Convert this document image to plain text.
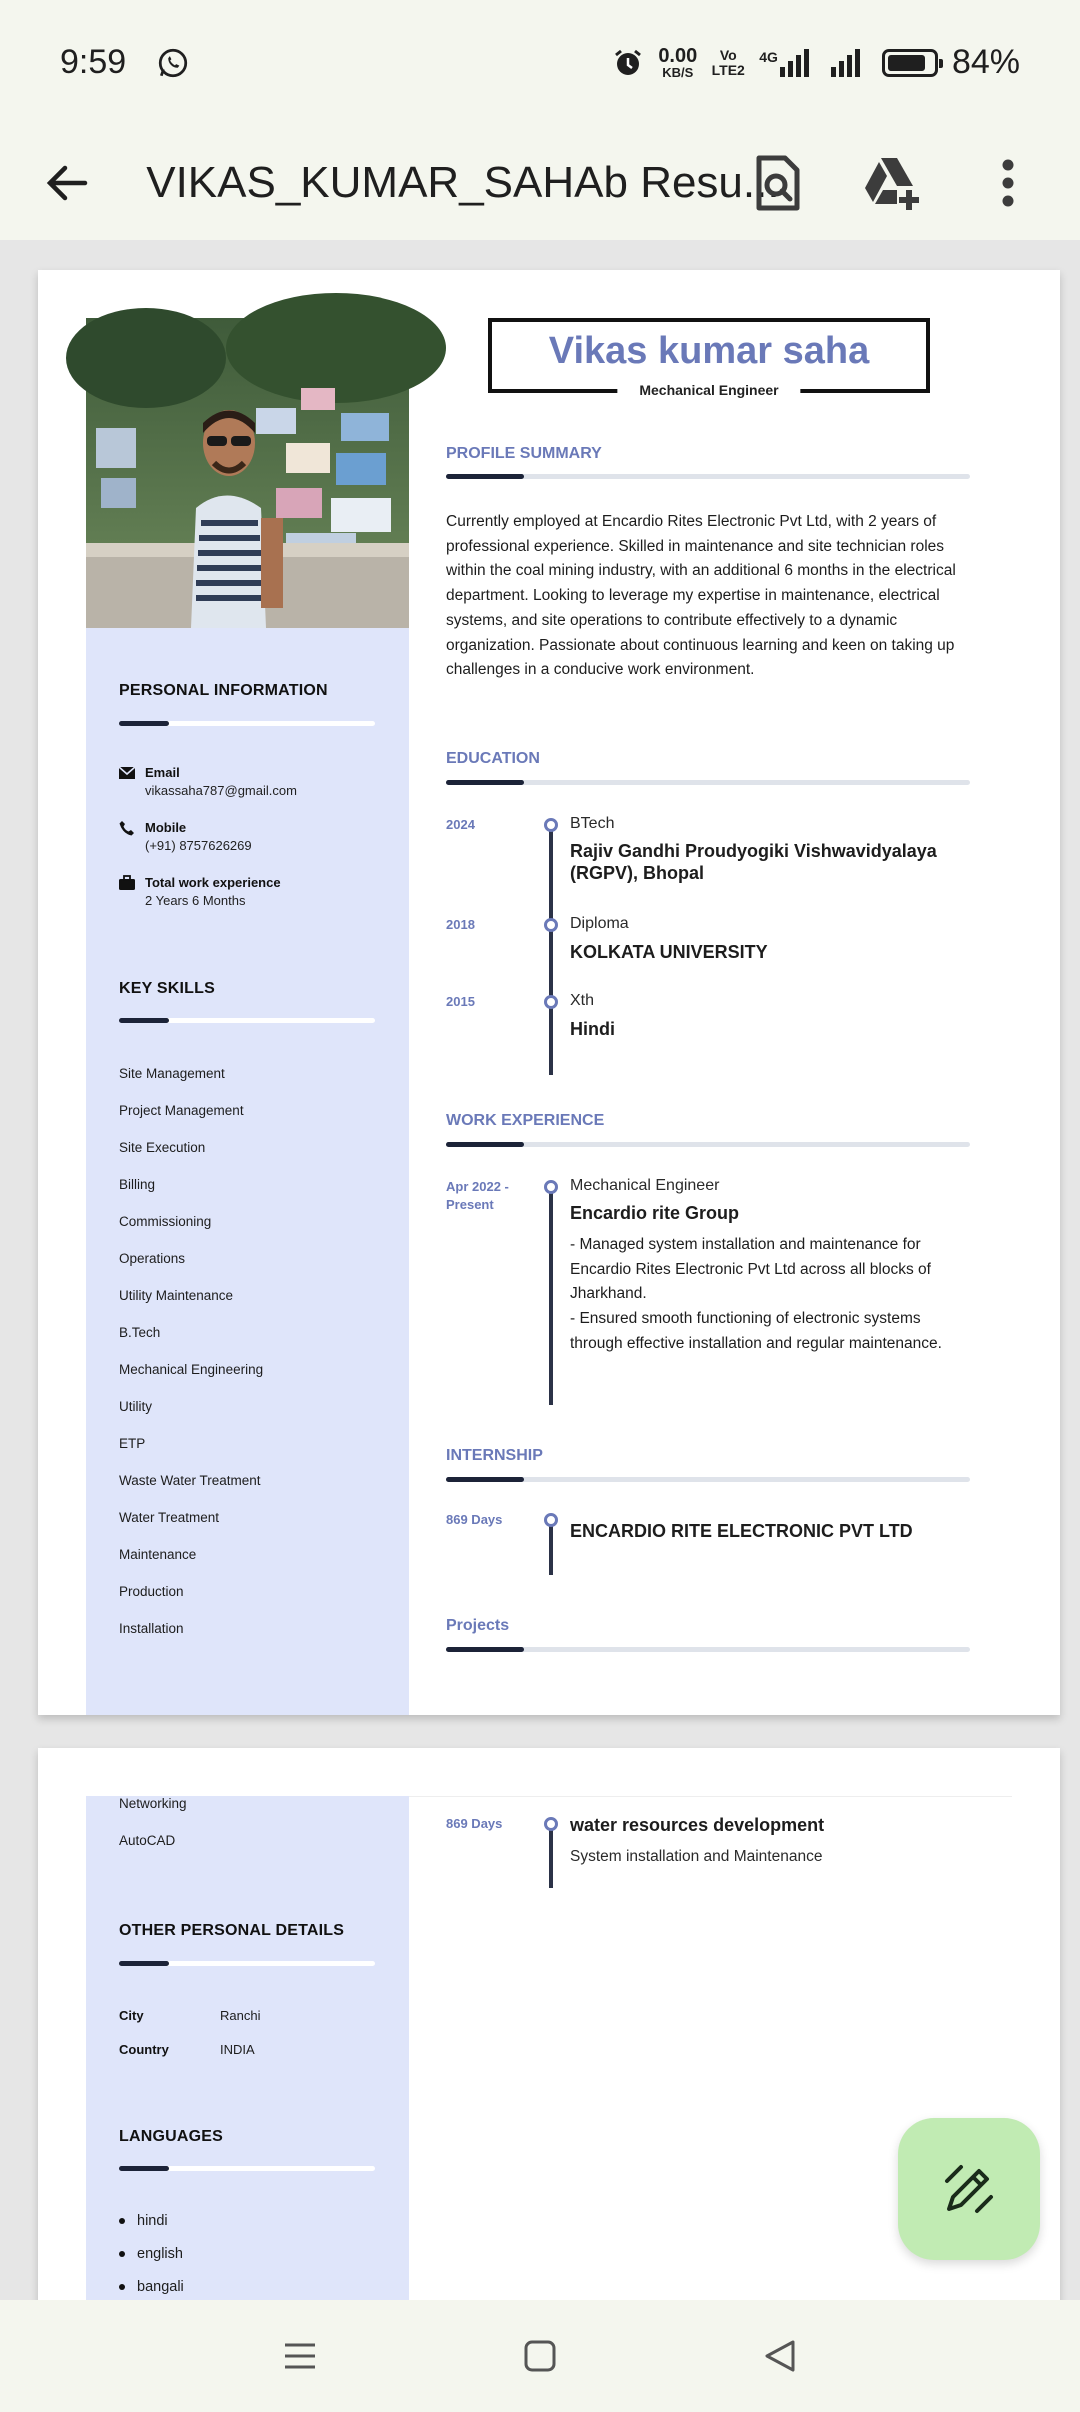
9:59	0.00
KB/S
Vo LTE2
4G	84%
VIKAS_KUMAR_SAHAb Resu...
PERSONAL INFORMATION
Email
vikassaha787@gmail.com
Mobile
(+91) 8757626269
Total work experience
2 Years 6 Months
KEY SKILLS
Site Management
Project Management
Site Execution
Billing
Commissioning
Operations
Utility Maintenance
B.Tech
Mechanical Engineering
Utility
ETP
Waste Water Treatment
Water Treatment
Maintenance
Production
Installation
Vikas kumar saha
Mechanical Engineer
PROFILE SUMMARY
Currently employed at Encardio Rites Electronic Pvt Ltd, with 2 years of professional experience. Skilled in maintenance and site technician roles within the coal mining industry, with an additional 6 months in the electrical department. Looking to leverage my expertise in maintenance, electrical systems, and site operations to contribute effectively to a dynamic organization. Passionate about continuous learning and keen on taking up challenges in a conducive work environment.
EDUCATION
2024	BTech
Rajiv Gandhi Proudyogiki Vishwavidyalaya (RGPV), Bhopal
2018	Diploma
KOLKATA UNIVERSITY
2015	Xth
Hindi
WORK EXPERIENCE
Apr 2022 - Present
Mechanical Engineer
Encardio rite Group
- Managed system installation and maintenance for Encardio Rites Electronic Pvt Ltd across all blocks of Jharkhand.
- Ensured smooth functioning of electronic systems through effective installation and regular maintenance.
INTERNSHIP
869 Days
ENCARDIO RITE ELECTRONIC PVT LTD
Projects
Networking
AutoCAD
OTHER PERSONAL DETAILS
City	Ranchi
Country	INDIA
LANGUAGES
hindi
english
bangali
869 Days	water resources development
System installation and Maintenance
